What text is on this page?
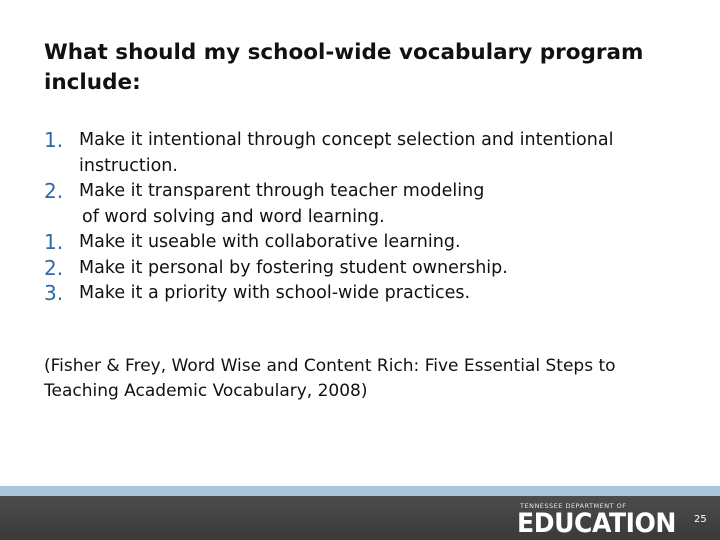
What should my school-wide vocabulary program include:
1. Make it intentional through concept selection and intentional instruction.
2. Make it transparent through teacher modeling
of word solving and word learning.
1. Make it useable with collaborative learning.
2. Make it personal by fostering student ownership.
3. Make it a priority with school-wide practices.
(Fisher & Frey, Word Wise and Content Rich: Five Essential Steps to Teaching Academic Vocabulary, 2008)
TENNESSEE DEPARTMENT OF
EDUCATION 25
